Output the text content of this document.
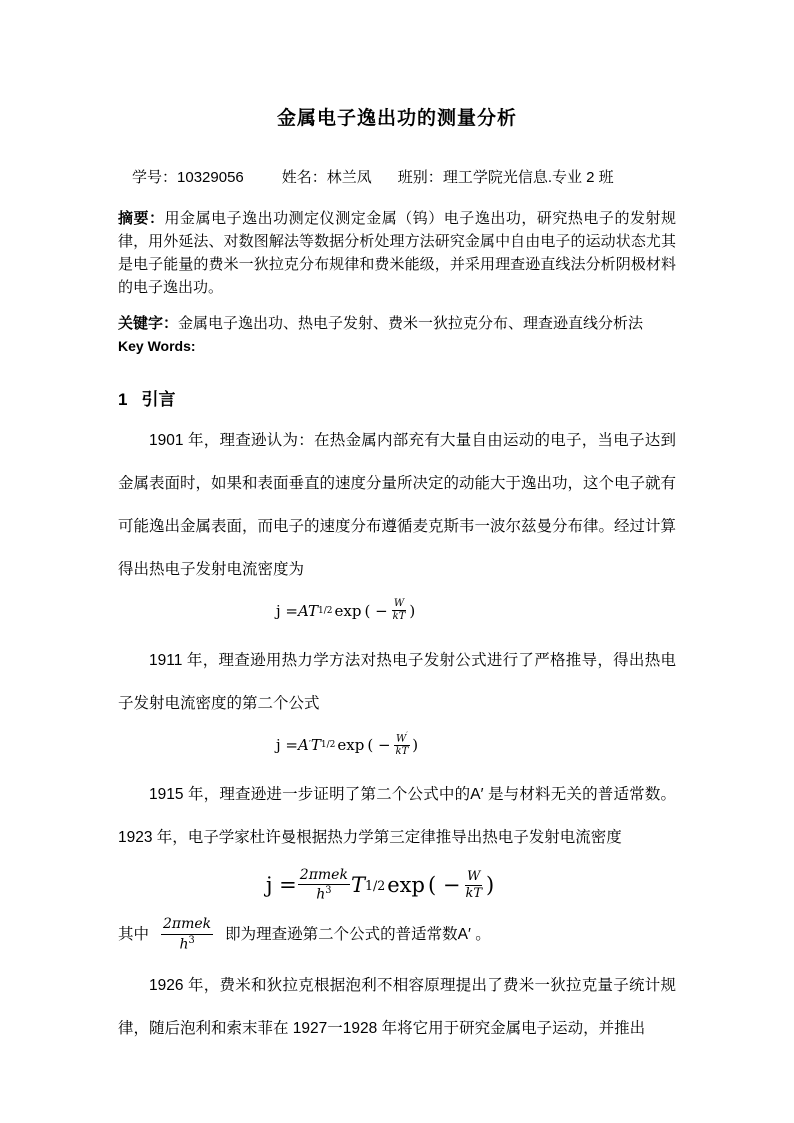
金属电子逸出功的测量分析
学号：10329056	姓名：林兰凤 班别：理工学院光信息.专业 2 班

摘要：用金属电子逸出功测定仪测定金属（钨）电子逸出功，研究热电子的发射规律，用外延法、对数图解法等数据分析处理方法研究金属中自由电子的运动状态尤其是电子能量的费米一狄拉克分布规律和费米能级，并采用理查逊直线法分析阴极材料的电子逸出功。

关键字：金属电子逸出功、热电子发射、费米一狄拉克分布、理查逊直线分析法

Key Words:

1 引言

1901 年，理查逊认为：在热金属内部充有大量自由运动的电子，当电子达到金属表面时，如果和表面垂直的速度分量所决定的动能大于逸出功，这个电子就有可能逸出金属表面，而电子的速度分布遵循麦克斯韦一波尔兹曼分布律。经过计算得出热电子发射电流密度为

j = AT 1/2 exp ( − $\frac{W}{kT}$ )

1911 年，理查逊用热力学方法对热电子发射公式进行了严格推导，得出热电子发射电流密度的第二个公式

j = A ′ T 1/2 exp ( − $\frac{W'}{kT}$ )

1915 年，理查逊进一步证明了第二个公式中的A′ 是与材料无关的普适常数。1923 年，电子学家杜许曼根据热力学第三定律推导出热电子发射电流密度

$j = \frac{\text{2πmek}}{h^3}$ T 1/2 exp ( − $\frac{W}{kT}$ )

其中 $\frac{\text{2πmek}}{h^3}$ 即为理查逊第二个公式的普适常数A′ 。

1926 年，费米和狄拉克根据泡利不相容原理提出了费米一狄拉克量子统计规律，随后泡利和索末菲在 1927一1928 年将它用于研究金属电子运动，并推出
